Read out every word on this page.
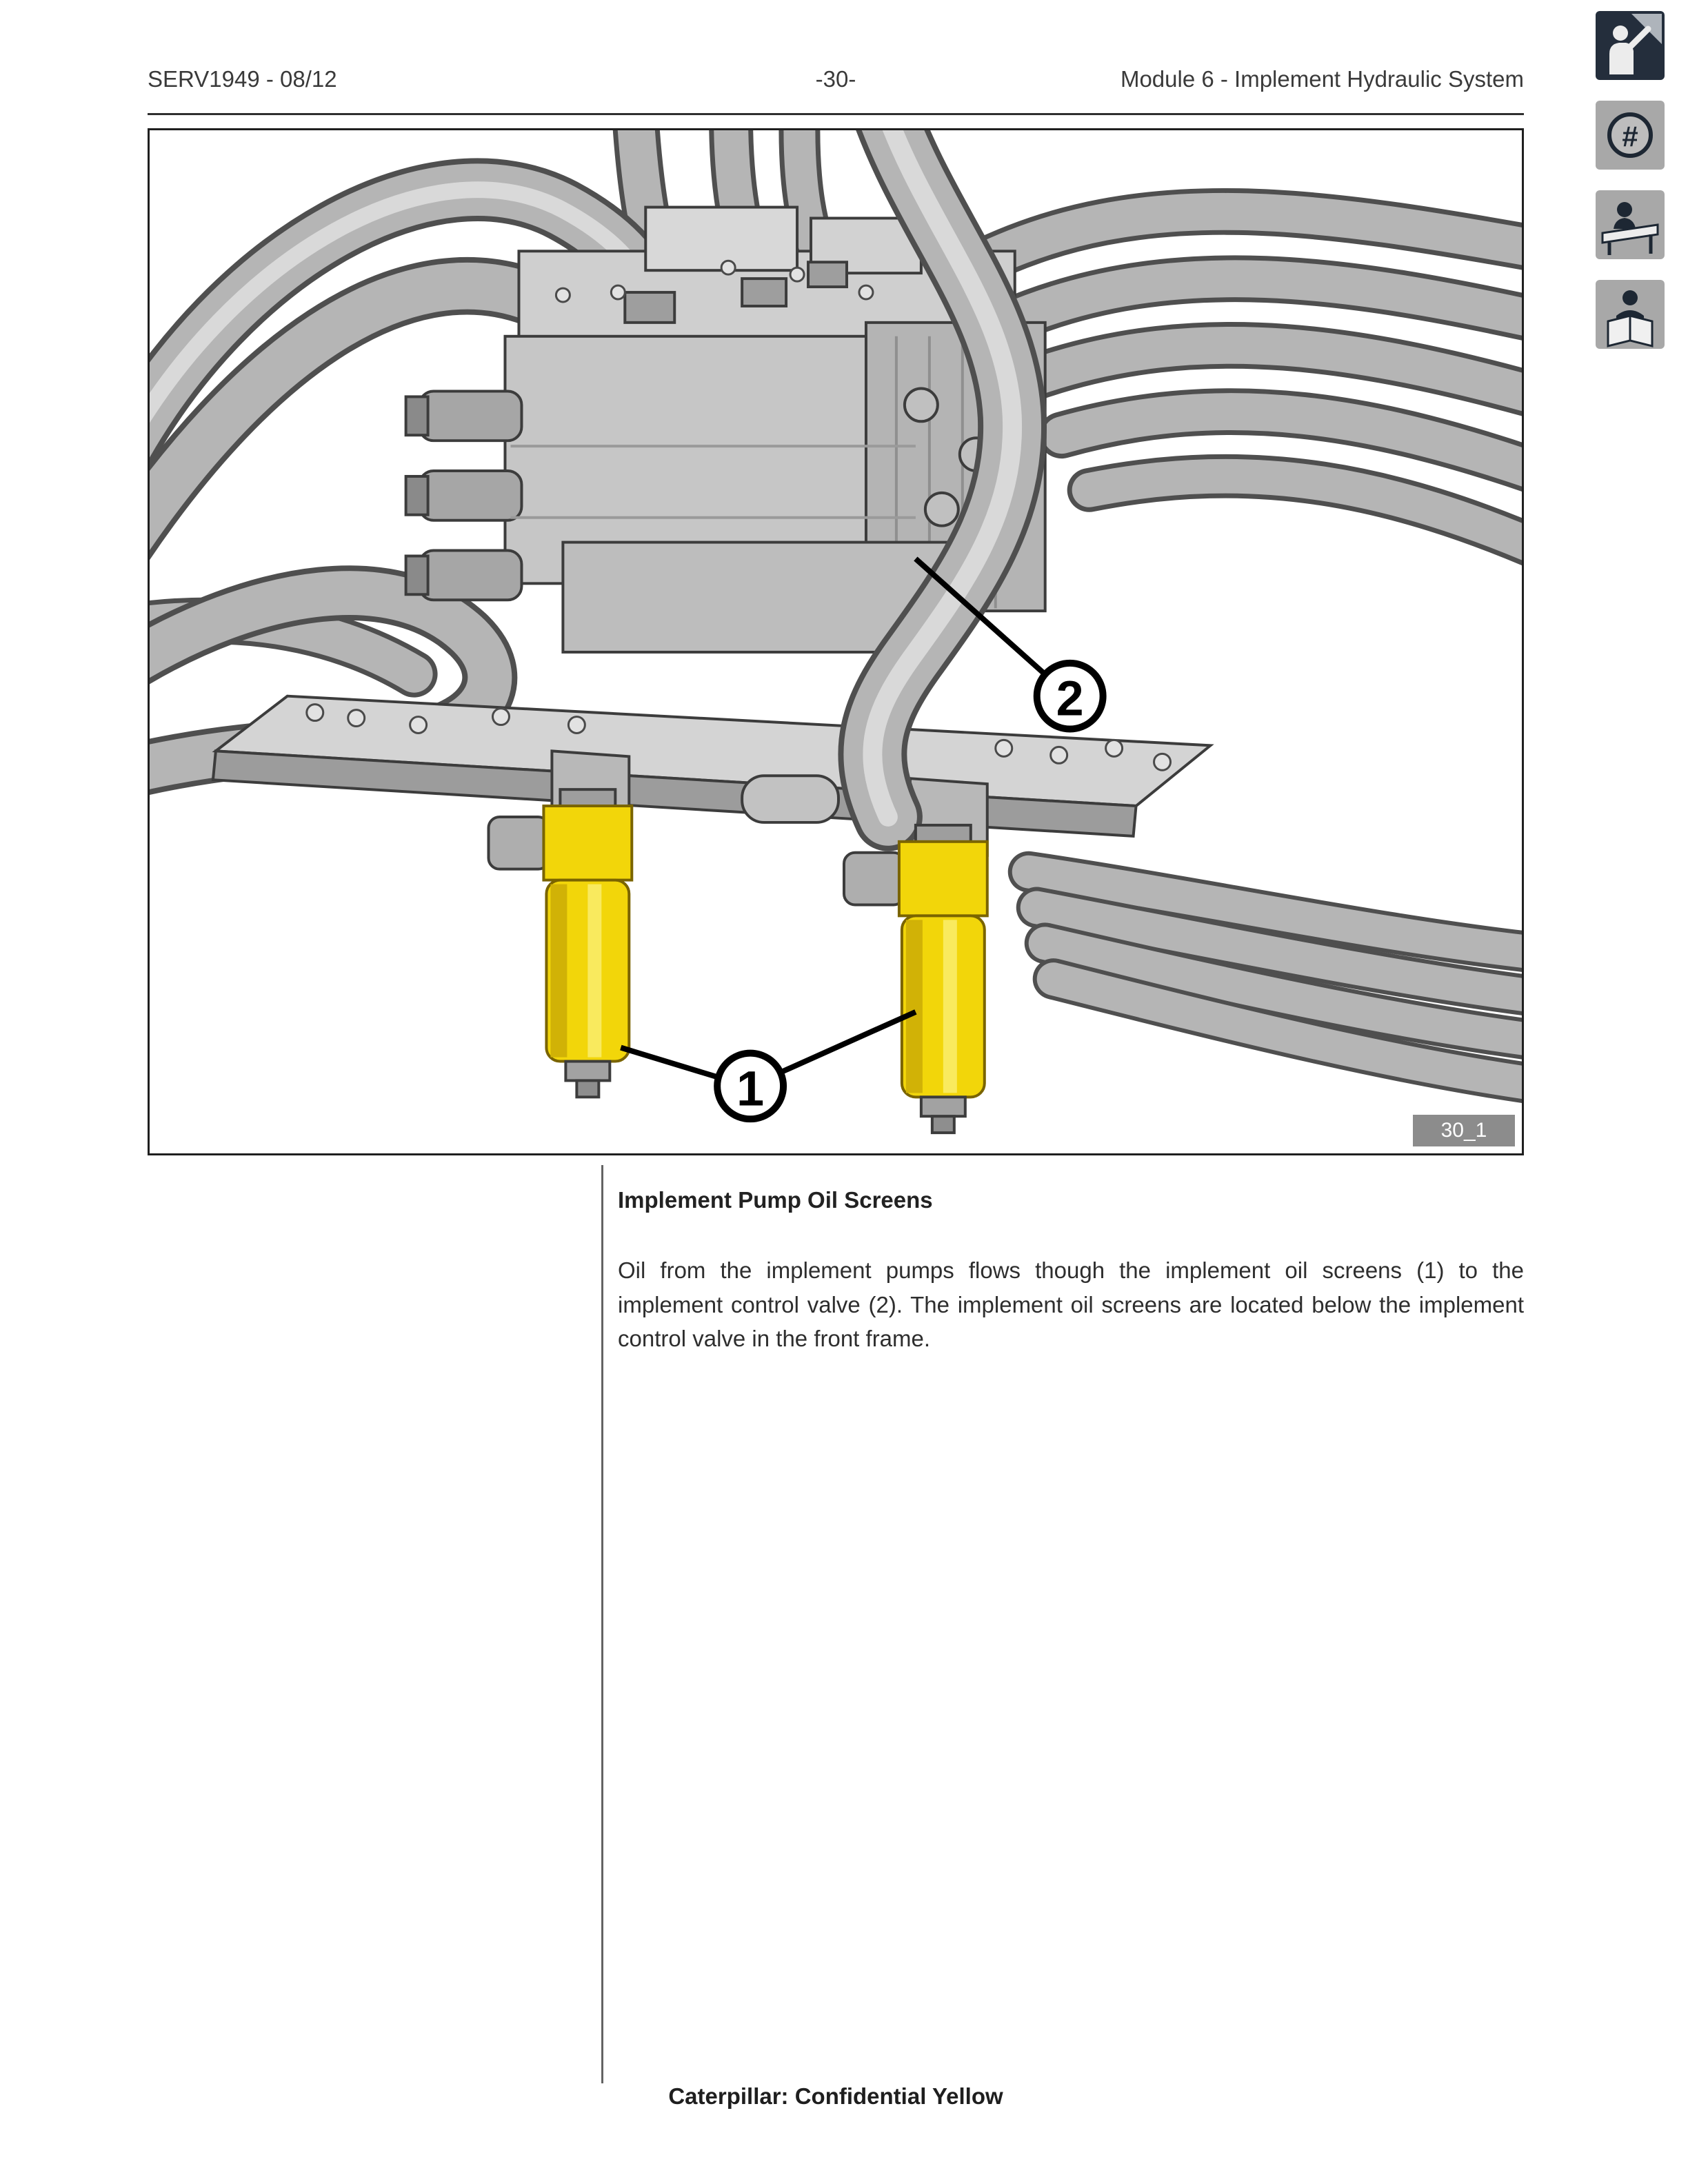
SERV1949 - 08/12	-30-	Module 6 - Implement Hydraulic System
#
2
1
30_1
Implement Pump Oil Screens

Oil from the implement pumps flows though the implement oil screens (1) to the implement control valve (2). The implement oil screens are located below the implement control valve in the front frame.

Caterpillar: Confidential Yellow
